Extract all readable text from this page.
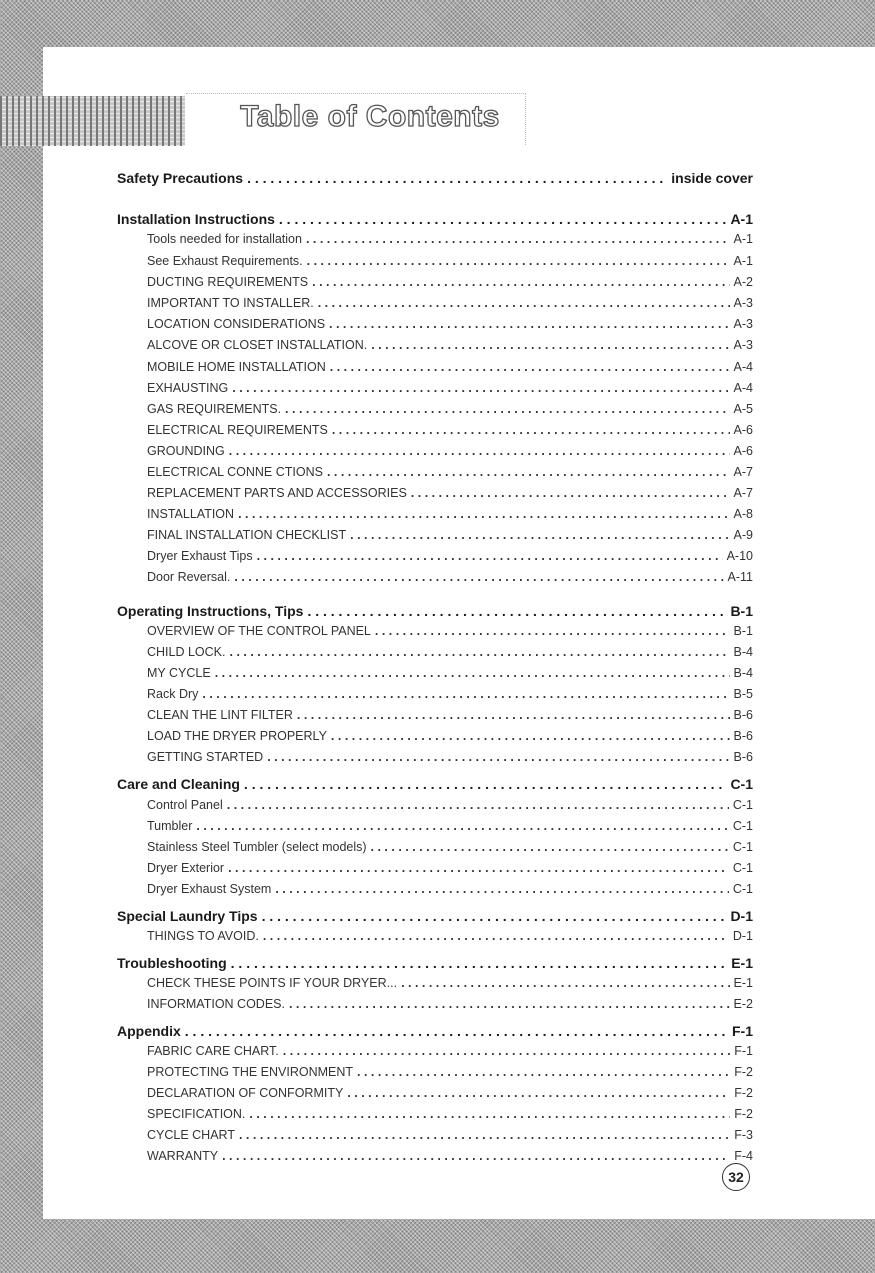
Table of Contents
Safety Precautions . . .	inside cover
Installation Instructions . . .	A-1
Tools needed for installation . . .	A-1
See Exhaust Requirements. . . .	A-1
DUCTING REQUIREMENTS . . .	A-2
IMPORTANT TO INSTALLER. . . .	A-3
LOCATION CONSIDERATIONS . . .	A-3
ALCOVE OR CLOSET INSTALLATION. . . .	A-3
MOBILE HOME INSTALLATION . . .	A-4
EXHAUSTING . . .	A-4
GAS REQUIREMENTS. . . .	A-5
ELECTRICAL REQUIREMENTS . . .	A-6
GROUNDING . . .	A-6
ELECTRICAL CONNE CTIONS . . .	A-7
REPLACEMENT PARTS AND ACCESSORIES . . .	A-7
INSTALLATION . . .	A-8
FINAL INSTALLATION CHECKLIST . . .	A-9
Dryer Exhaust Tips . . .	A-10
Door Reversal. . . .	A-11
Operating Instructions, Tips . . .	B-1
OVERVIEW OF THE CONTROL PANEL . . .	B-1
CHILD LOCK. . . .	B-4
MY CYCLE . . .	B-4
Rack Dry . . .	B-5
CLEAN THE LINT FILTER . . .	B-6
LOAD THE DRYER PROPERLY . . .	B-6
GETTING STARTED . . .	B-6
Care and Cleaning . . .	C-1
Control Panel . . .	C-1
Tumbler . . .	C-1
Stainless Steel Tumbler (select models) . . .	C-1
Dryer Exterior . . .	C-1
Dryer Exhaust System . . .	C-1
Special Laundry Tips . . .	D-1
THINGS TO AVOID. . . .	D-1
Troubleshooting . . .	E-1
CHECK THESE POINTS IF YOUR DRYER... . . .	E-1
INFORMATION CODES. . . .	E-2
Appendix . . .	F-1
FABRIC CARE CHART. . . .	F-1
PROTECTING THE ENVIRONMENT . . .	F-2
DECLARATION OF CONFORMITY . . .	F-2
SPECIFICATION. . . .	F-2
CYCLE CHART . . .	F-3
WARRANTY . . .	F-4
32
